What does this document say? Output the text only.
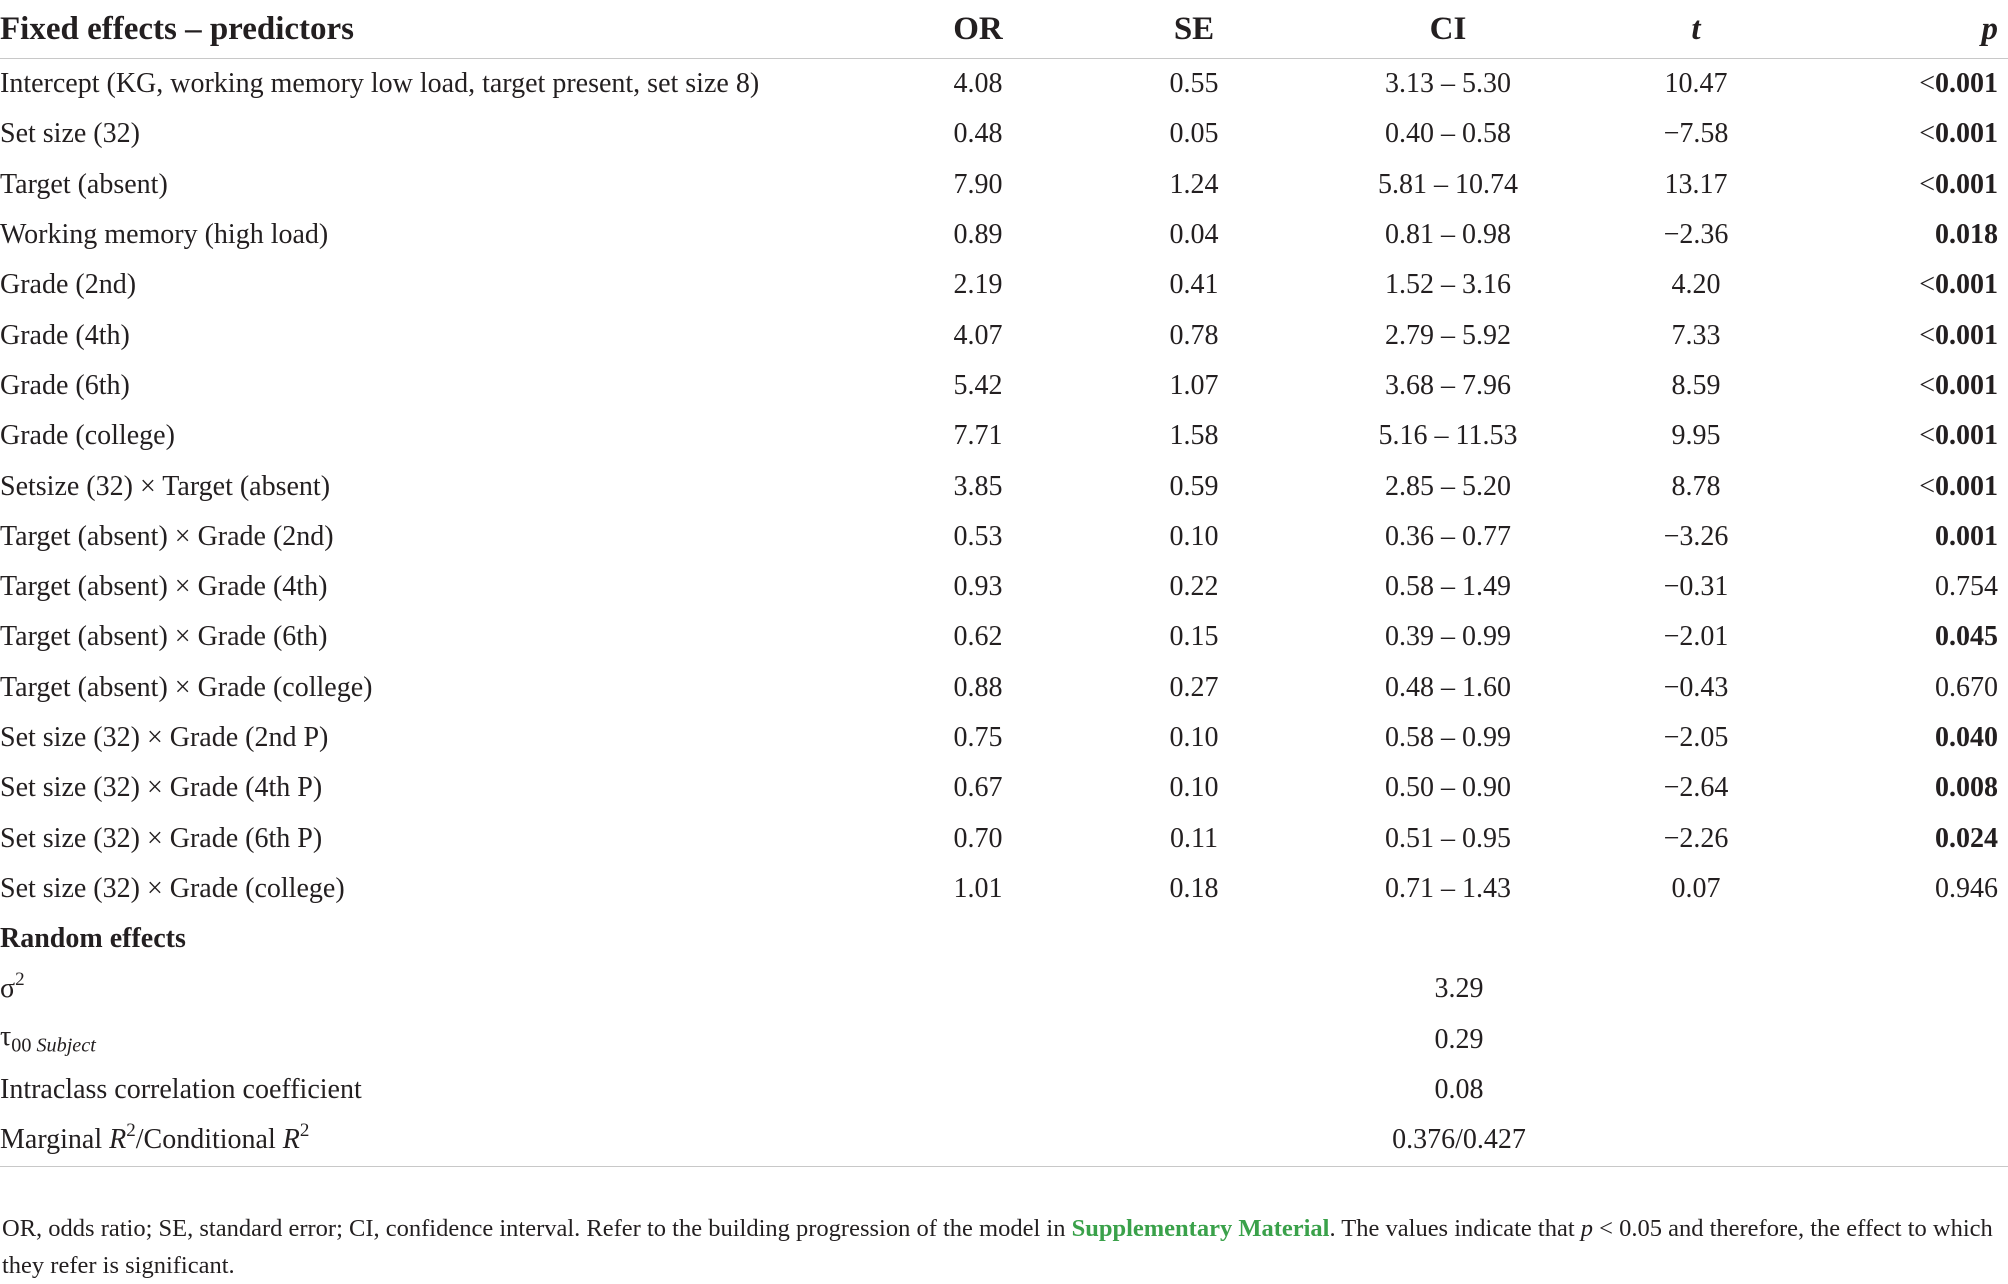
Fixed effects – predictors	OR	SE	CI	t	p
Intercept (KG, working memory low load, target present, set size 8)	4.08	0.55	3.13 – 5.30	10.47	<0.001
Set size (32)	0.48	0.05	0.40 – 0.58	−7.58	<0.001
Target (absent)	7.90	1.24	5.81 – 10.74	13.17	<0.001
Working memory (high load)	0.89	0.04	0.81 – 0.98	−2.36	0.018
Grade (2nd)	2.19	0.41	1.52 – 3.16	4.20	<0.001
Grade (4th)	4.07	0.78	2.79 – 5.92	7.33	<0.001
Grade (6th)	5.42	1.07	3.68 – 7.96	8.59	<0.001
Grade (college)	7.71	1.58	5.16 – 11.53	9.95	<0.001
Setsize (32) × Target (absent)	3.85	0.59	2.85 – 5.20	8.78	<0.001
Target (absent) × Grade (2nd)	0.53	0.10	0.36 – 0.77	−3.26	0.001
Target (absent) × Grade (4th)	0.93	0.22	0.58 – 1.49	−0.31	0.754
Target (absent) × Grade (6th)	0.62	0.15	0.39 – 0.99	−2.01	0.045
Target (absent) × Grade (college)	0.88	0.27	0.48 – 1.60	−0.43	0.670
Set size (32) × Grade (2nd P)	0.75	0.10	0.58 – 0.99	−2.05	0.040
Set size (32) × Grade (4th P)	0.67	0.10	0.50 – 0.90	−2.64	0.008
Set size (32) × Grade (6th P)	0.70	0.11	0.51 – 0.95	−2.26	0.024
Set size (32) × Grade (college)	1.01	0.18	0.71 – 1.43	0.07	0.946
Random effects					
$\sigma^2$			3.29		
$\tau_{00 Subject}$			0.29		
Intraclass correlation coefficient			0.08		
Marginal $R^2$/Conditional $R^2$			0.376/0.427		
OR, odds ratio; SE, standard error; CI, confidence interval. Refer to the building progression of the model in Supplementary Material. The values indicate that p < 0.05 and therefore, the effect to which they refer is significant.
